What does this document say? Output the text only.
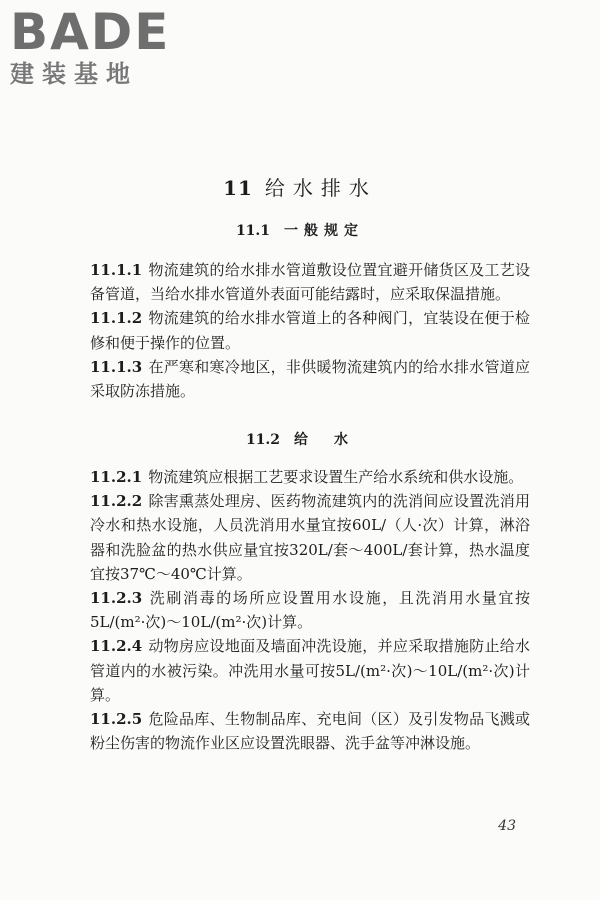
BADE
建装基地
11 给水排水
11.1 一般规定

11.1.1 物流建筑的给水排水管道敷设位置宜避开储货区及工艺设备管道，当给水排水管道外表面可能结露时，应采取保温措施。

11.1.2 物流建筑的给水排水管道上的各种阀门，宜装设在便于检修和便于操作的位置。

11.1.3 在严寒和寒冷地区，非供暖物流建筑内的给水排水管道应采取防冻措施。

11.2 给　水

11.2.1 物流建筑应根据工艺要求设置生产给水系统和供水设施。

11.2.2 除害熏蒸处理房、医药物流建筑内的洗消间应设置洗消用冷水和热水设施，人员洗消用水量宜按60L/（人·次）计算，淋浴器和洗脸盆的热水供应量宜按320L/套～400L/套计算，热水温度宜按37℃～40℃计算。

11.2.3 洗刷消毒的场所应设置用水设施，且洗消用水量宜按5L/(m²·次)～10L/(m²·次)计算。

11.2.4 动物房应设地面及墙面冲洗设施，并应采取措施防止给水管道内的水被污染。冲洗用水量可按5L/(m²·次)～10L/(m²·次)计算。

11.2.5 危险品库、生物制品库、充电间（区）及引发物品飞溅或粉尘伤害的物流作业区应设置洗眼器、洗手盆等冲淋设施。

43
